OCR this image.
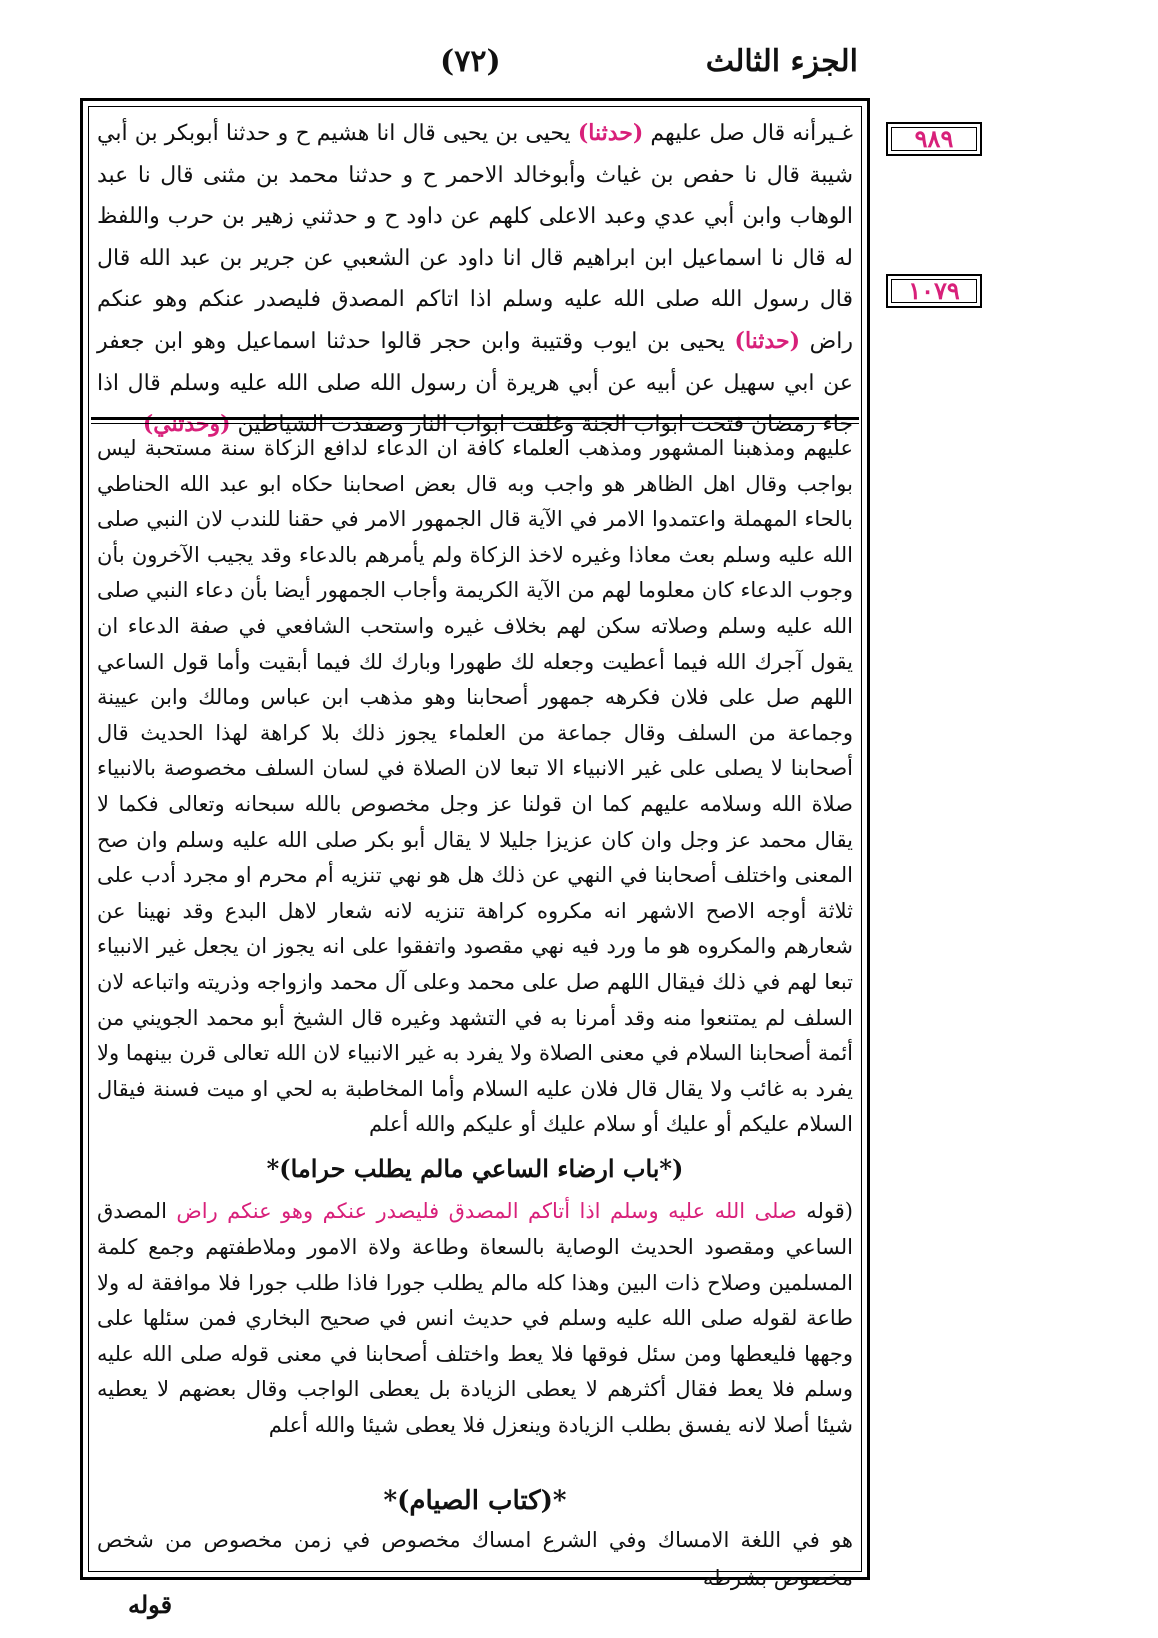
الجزء الثالث
(٧٢)
٩٨٩
١٠٧٩
غـيرأنه قال صل عليهم (حدثنا) يحيى بن يحيى قال انا هشيم ح و حدثنا أبوبكر بن أبي شيبة قال نا حفص بن غياث وأبوخالد الاحمر ح و حدثنا محمد بن مثنى قال نا عبد الوهاب وابن أبي عدي وعبد الاعلى كلهم عن داود ح و حدثني زهير بن حرب واللفظ له قال نا اسماعيل ابن ابراهيم قال انا داود عن الشعبي عن جرير بن عبد الله قال قال رسول الله صلى الله عليه وسلم اذا اتاكم المصدق فليصدر عنكم وهو عنكم راض (حدثنا) يحيى بن ايوب وقتيبة وابن حجر قالوا حدثنا اسماعيل وهو ابن جعفر عن ابي سهيل عن أبيه عن أبي هريرة أن رسول الله صلى الله عليه وسلم قال اذا جاء رمضان فتحت ابواب الجنة وغلقت ابواب النار وصفدت الشياطين (وحدثني)
عليهم ومذهبنا المشهور ومذهب العلماء كافة ان الدعاء لدافع الزكاة سنة مستحبة ليس بواجب وقال اهل الظاهر هو واجب وبه قال بعض اصحابنا حكاه ابو عبد الله الحناطي بالحاء المهملة واعتمدوا الامر في الآية قال الجمهور الامر في حقنا للندب لان النبي صلى الله عليه وسلم بعث معاذا وغيره لاخذ الزكاة ولم يأمرهم بالدعاء وقد يجيب الآخرون بأن وجوب الدعاء كان معلوما لهم من الآية الكريمة وأجاب الجمهور أيضا بأن دعاء النبي صلى الله عليه وسلم وصلاته سكن لهم بخلاف غيره واستحب الشافعي في صفة الدعاء ان يقول آجرك الله فيما أعطيت وجعله لك طهورا وبارك لك فيما أبقيت وأما قول الساعي اللهم صل على فلان فكرهه جمهور أصحابنا وهو مذهب ابن عباس ومالك وابن عيينة وجماعة من السلف وقال جماعة من العلماء يجوز ذلك بلا كراهة لهذا الحديث قال أصحابنا لا يصلى على غير الانبياء الا تبعا لان الصلاة في لسان السلف مخصوصة بالانبياء صلاة الله وسلامه عليهم كما ان قولنا عز وجل مخصوص بالله سبحانه وتعالى فكما لا يقال محمد عز وجل وان كان عزيزا جليلا لا يقال أبو بكر صلى الله عليه وسلم وان صح المعنى واختلف أصحابنا في النهي عن ذلك هل هو نهي تنزيه أم محرم او مجرد أدب على ثلاثة أوجه الاصح الاشهر انه مكروه كراهة تنزيه لانه شعار لاهل البدع وقد نهينا عن شعارهم والمكروه هو ما ورد فيه نهي مقصود واتفقوا على انه يجوز ان يجعل غير الانبياء تبعا لهم في ذلك فيقال اللهم صل على محمد وعلى آل محمد وازواجه وذريته واتباعه لان السلف لم يمتنعوا منه وقد أمرنا به في التشهد وغيره قال الشيخ أبو محمد الجويني من أئمة أصحابنا السلام في معنى الصلاة ولا يفرد به غير الانبياء لان الله تعالى قرن بينهما ولا يفرد به غائب ولا يقال قال فلان عليه السلام وأما المخاطبة به لحي او ميت فسنة فيقال السلام عليكم أو عليك أو سلام عليك أو عليكم والله أعلم
(*باب ارضاء الساعي مالم يطلب حراما)*
(قوله صلى الله عليه وسلم اذا أتاكم المصدق فليصدر عنكم وهو عنكم راض المصدق الساعي ومقصود الحديث الوصاية بالسعاة وطاعة ولاة الامور وملاطفتهم وجمع كلمة المسلمين وصلاح ذات البين وهذا كله مالم يطلب جورا فاذا طلب جورا فلا موافقة له ولا طاعة لقوله صلى الله عليه وسلم في حديث انس في صحيح البخاري فمن سئلها على وجهها فليعطها ومن سئل فوقها فلا يعط واختلف أصحابنا في معنى قوله صلى الله عليه وسلم فلا يعط فقال أكثرهم لا يعطى الزيادة بل يعطى الواجب وقال بعضهم لا يعطيه شيئا أصلا لانه يفسق بطلب الزيادة وينعزل فلا يعطى شيئا والله أعلم
*(كتاب الصيام)*
هو في اللغة الامساك وفي الشرع امساك مخصوص في زمن مخصوص من شخص مخصوص بشرطه
قوله
